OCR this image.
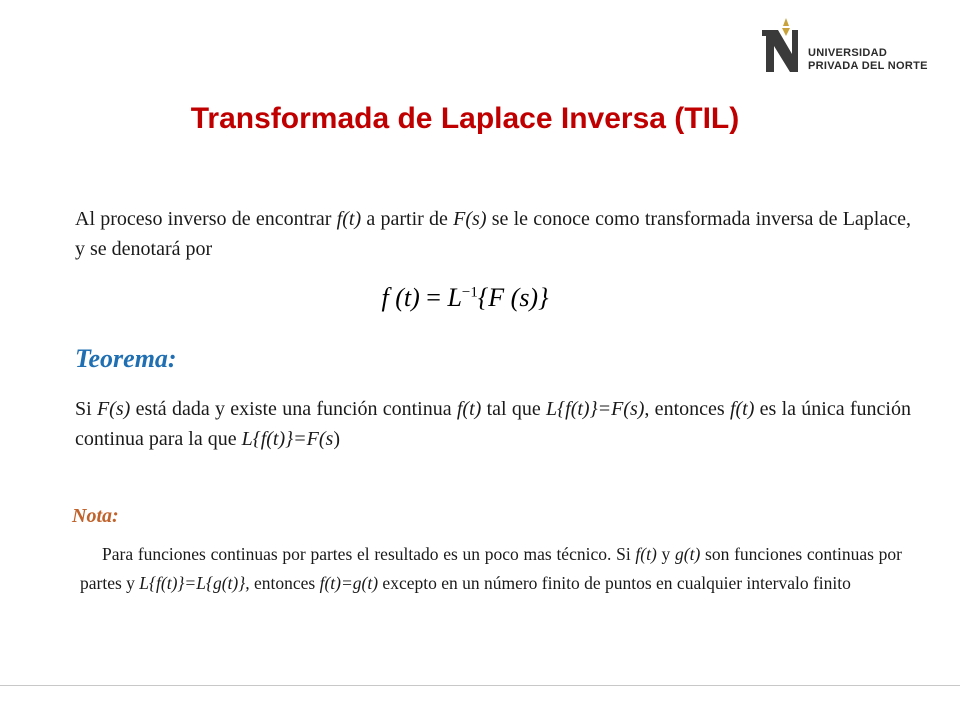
UNIVERSIDAD
PRIVADA DEL NORTE
Transformada de Laplace Inversa (TIL)
Al proceso inverso de encontrar f(t) a partir de F(s) se le conoce como transformada inversa de Laplace, y se denotará por
f $(t) = L^{-1}\{F$ (s)}
Teorema:
Si F(s) está dada y existe una función continua f(t) tal que L{f(t)}=F(s), entonces f(t) es la única función continua para la que L{f(t)}=F(s)
Nota:
Para funciones continuas por partes el resultado es un poco mas técnico. Si f(t) y g(t) son funciones continuas por partes y L{f(t)}=L{g(t)}, entonces f(t)=g(t) excepto en un número finito de puntos en cualquier intervalo finito
